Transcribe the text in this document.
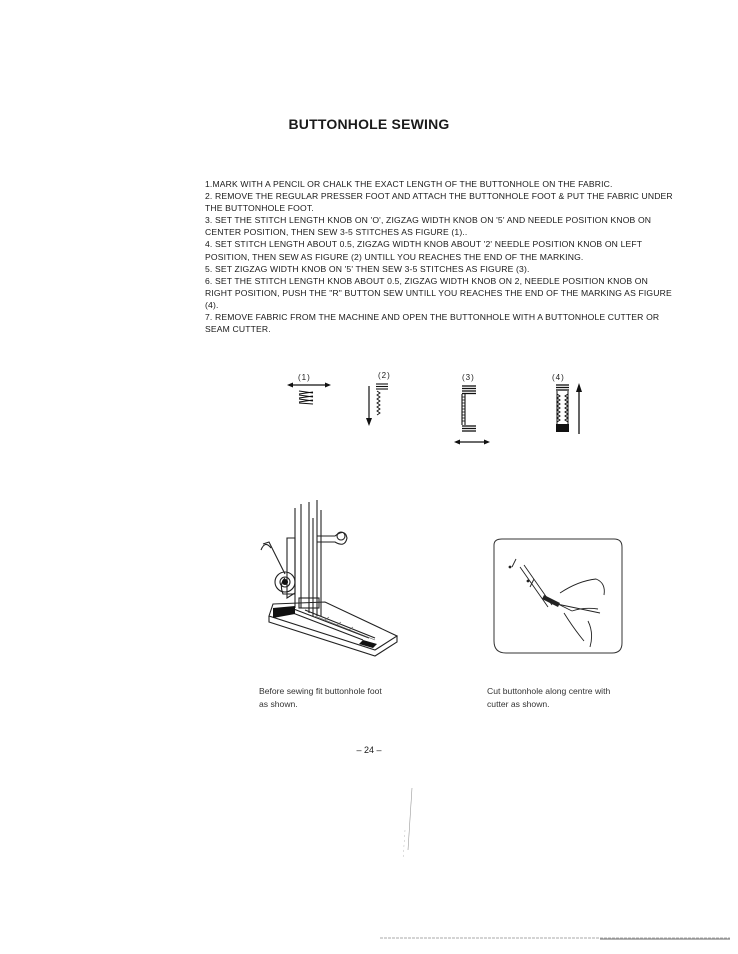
BUTTONHOLE SEWING

1.MARK WITH A PENCIL OR CHALK THE EXACT LENGTH OF THE BUTTONHOLE ON THE FABRIC.

2. REMOVE THE REGULAR PRESSER FOOT AND ATTACH THE BUTTONHOLE FOOT & PUT THE FABRIC UNDER THE BUTTONHOLE FOOT.

3. SET THE STITCH LENGTH KNOB ON 'O', ZIGZAG WIDTH KNOB ON '5' AND NEEDLE POSITION KNOB ON CENTER POSITION, THEN SEW 3-5 STITCHES AS FIGURE (1)..

4. SET STITCH LENGTH ABOUT 0.5, ZIGZAG WIDTH KNOB ABOUT '2' NEEDLE POSITION KNOB ON LEFT POSITION, THEN SEW AS FIGURE (2) UNTILL YOU REACHES THE END OF THE MARKING.

5. SET ZIGZAG WIDTH KNOB ON '5' THEN SEW 3-5 STITCHES AS FIGURE (3).

6. SET THE STITCH LENGTH KNOB ABOUT 0.5, ZIGZAG WIDTH KNOB ON 2, NEEDLE POSITION KNOB ON RIGHT POSITION, PUSH THE "R" BUTTON SEW UNTILL YOU REACHES THE END OF THE MARKING AS FIGURE (4).

7. REMOVE FABRIC FROM THE MACHINE AND OPEN THE BUTTONHOLE WITH A BUTTONHOLE CUTTER OR SEAM CUTTER.

(1)	(2)	(3)	(4)
Before sewing fit buttonhole foot
as shown.
Cut buttonhole along centre with
cutter as shown.
– 24 –
